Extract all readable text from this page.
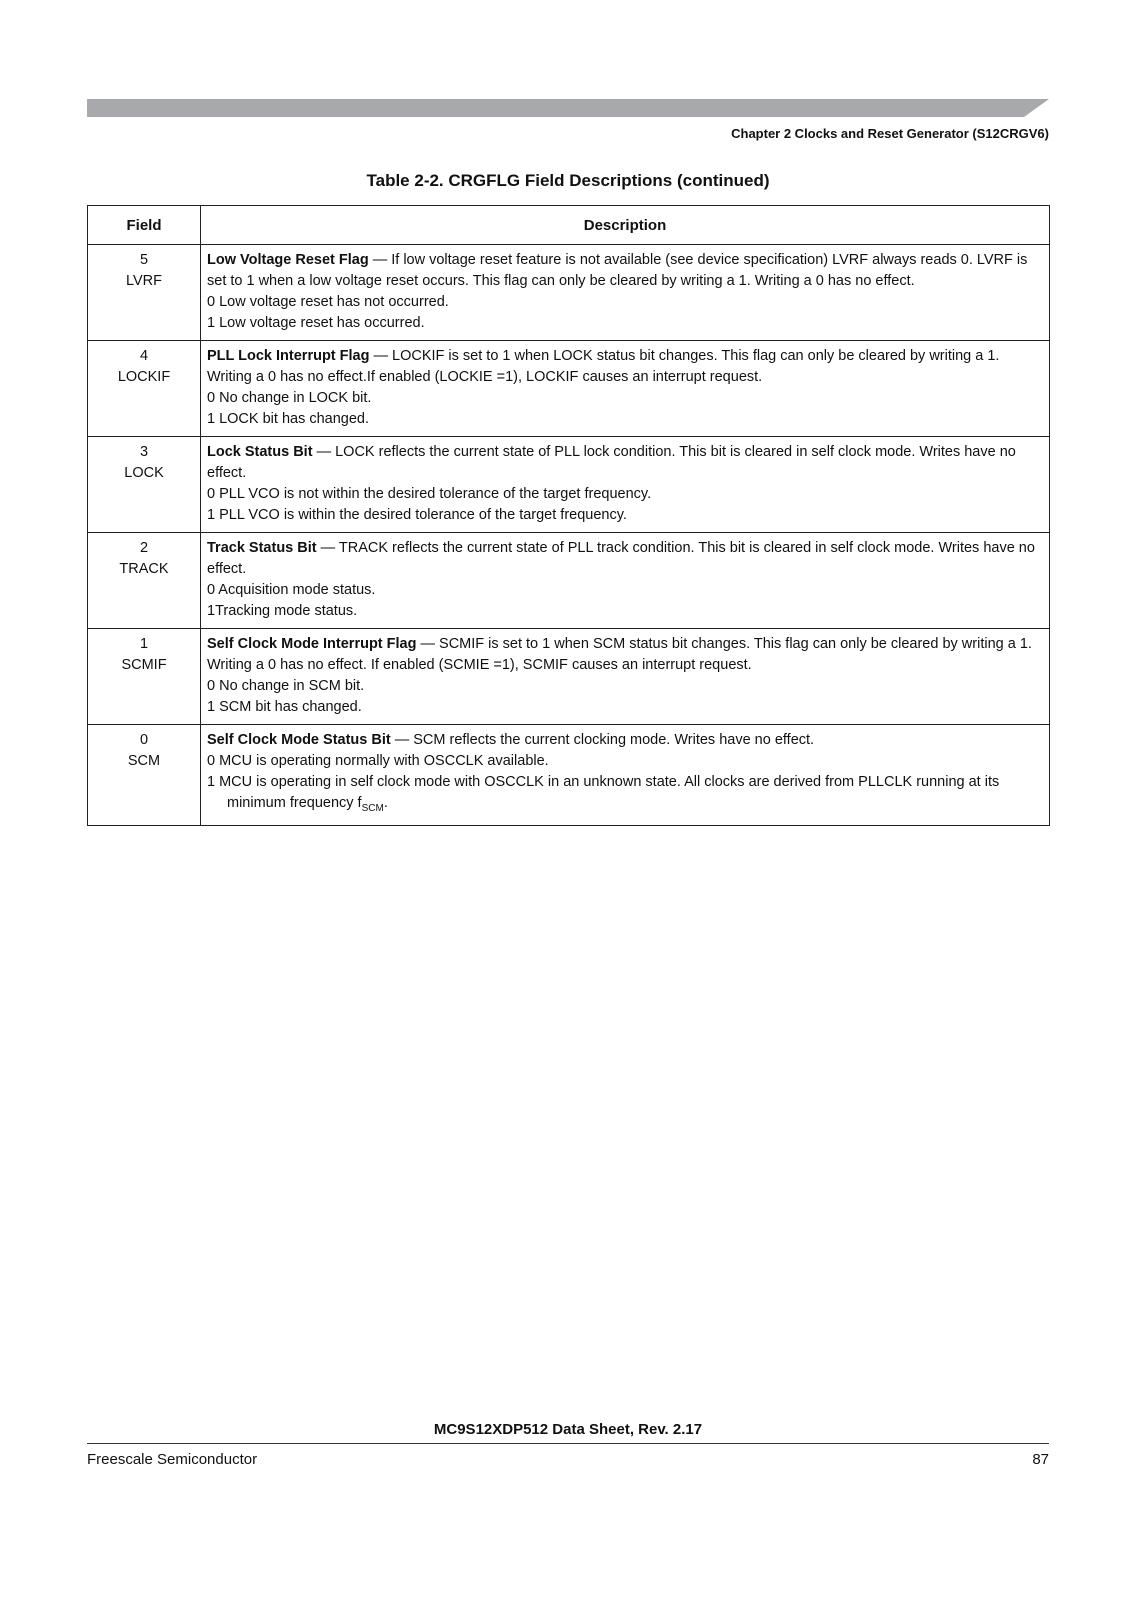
Chapter 2 Clocks and Reset Generator (S12CRGV6)
Table 2-2. CRGFLG Field Descriptions (continued)
Field	Description

5
LVRF	Low Voltage Reset Flag — If low voltage reset feature is not available (see device specification) LVRF always reads 0. LVRF is set to 1 when a low voltage reset occurs. This flag can only be cleared by writing a 1. Writing a 0 has no effect.
0 Low voltage reset has not occurred.
1 Low voltage reset has occurred.

4
LOCKIF	PLL Lock Interrupt Flag — LOCKIF is set to 1 when LOCK status bit changes. This flag can only be cleared by writing a 1. Writing a 0 has no effect.If enabled (LOCKIE =1), LOCKIF causes an interrupt request.
0 No change in LOCK bit.
1 LOCK bit has changed.

3
LOCK	Lock Status Bit — LOCK reflects the current state of PLL lock condition. This bit is cleared in self clock mode. Writes have no effect.
0 PLL VCO is not within the desired tolerance of the target frequency.
1 PLL VCO is within the desired tolerance of the target frequency.

2
TRACK	Track Status Bit — TRACK reflects the current state of PLL track condition. This bit is cleared in self clock mode. Writes have no effect.
0 Acquisition mode status.
1Tracking mode status.

1
SCMIF	Self Clock Mode Interrupt Flag — SCMIF is set to 1 when SCM status bit changes. This flag can only be cleared by writing a 1. Writing a 0 has no effect. If enabled (SCMIE =1), SCMIF causes an interrupt request.
0 No change in SCM bit.
1 SCM bit has changed.

0
SCM	Self Clock Mode Status Bit — SCM reflects the current clocking mode. Writes have no effect.
0 MCU is operating normally with OSCCLK available.
1 MCU is operating in self clock mode with OSCCLK in an unknown state. All clocks are derived from PLLCLK running at its minimum frequency $f_{SCM}$.
MC9S12XDP512 Data Sheet, Rev. 2.17
Freescale Semiconductor	87
